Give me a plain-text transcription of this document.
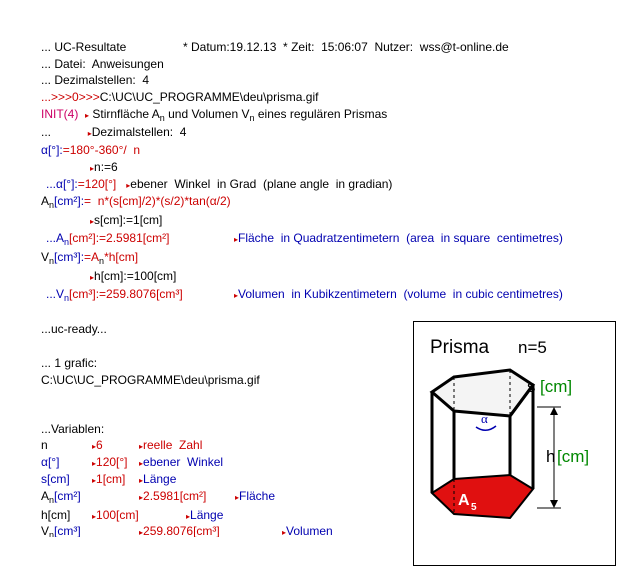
... UC-Resultate	* Datum:19.12.13  * Zeit:  15:06:07  Nutzer:  wss@t-online.de
... Datei:  Anweisungen
... Dezimalstellen:  4
...>>>0>>>C:\UC\UC_PROGRAMME\deu\prisma.gif
INIT(4) ▸ Stirnfläche $A_n$ und Volumen $V_n$ eines regulären Prismas
...	▸Dezimalstellen:  4
α[°]:=180°-360°/  n
▸n:=6
...α[°]:=120[°] ▸ebener  Winkel  in Grad  (plane angle  in gradian)
$A_n[cm^2]:= n*(s[cm]/2)*(s/2)*\tan(\alpha/2)$
▸s[cm]:=1[cm]
$...A_n[cm^2]:=2.5981[cm^2]$	▸Fläche  in Quadratzentimetern  (area  in square  centimetres)
$V_n[cm^3]:=A_n*h[cm]$
▸h[cm]:=100[cm]
$...V_n[cm^3]:=259.8076[cm^3]$	▸Volumen  in Kubikzentimetern  (volume  in cubic centimetres)
...uc-ready...
... 1 grafic:
C:\UC\UC_PROGRAMME\deu\prisma.gif
...Variablen:
n	▸6	▸reelle  Zahl
α[°]	▸120[°] ▸ebener  Winkel
s[cm]	▸1[cm] ▸Länge
$A_n[cm^2]$	▸2.5981[cm²]	▸Fläche
h[cm]	▸100[cm]	▸Länge
$V_n[cm^3]$	▸259.8076[cm³]	▸Volumen
Prisma n=5
A 5
α
s [cm]
h [cm]
